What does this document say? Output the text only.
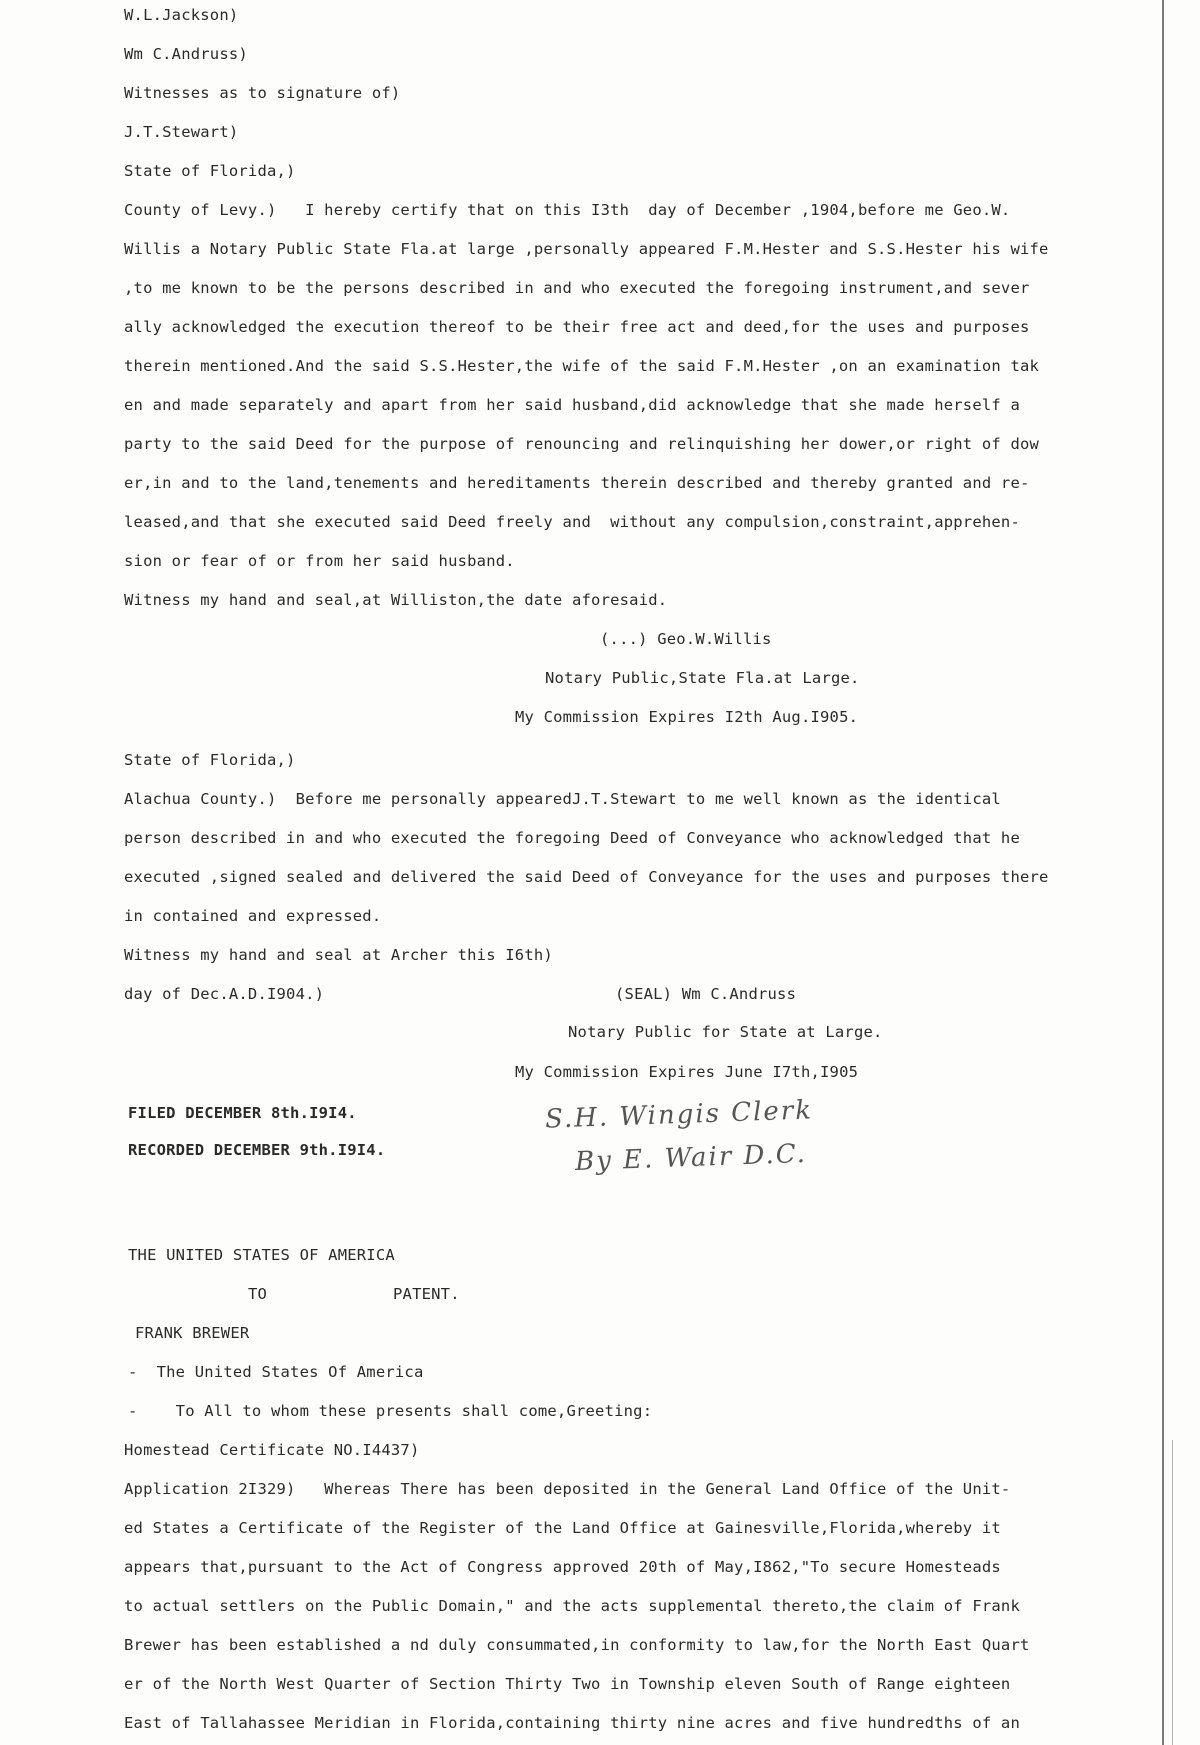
W.L.Jackson)
Wm C.Andruss)
Witnesses as to signature of)
J.T.Stewart)
State of Florida,)
County of Levy.)   I hereby certify that on this I3th  day of December ,1904,before me Geo.W.
Willis a Notary Public State Fla.at large ,personally appeared F.M.Hester and S.S.Hester his wife
,to me known to be the persons described in and who executed the foregoing instrument,and sever
ally acknowledged the execution thereof to be their free act and deed,for the uses and purposes
therein mentioned.And the said S.S.Hester,the wife of the said F.M.Hester ,on an examination tak
en and made separately and apart from her said husband,did acknowledge that she made herself a
party to the said Deed for the purpose of renouncing and relinquishing her dower,or right of dow
er,in and to the land,tenements and hereditaments therein described and thereby granted and re-
leased,and that she executed said Deed freely and  without any compulsion,constraint,apprehen-
sion or fear of or from her said husband.
Witness my hand and seal,at Williston,the date aforesaid.
(...) Geo.W.Willis
Notary Public,State Fla.at Large.
My Commission Expires I2th Aug.I905.
State of Florida,)
Alachua County.)  Before me personally appearedJ.T.Stewart to me well known as the identical
person described in and who executed the foregoing Deed of Conveyance who acknowledged that he
executed ,signed sealed and delivered the said Deed of Conveyance for the uses and purposes there
in contained and expressed.
Witness my hand and seal at Archer this I6th)
day of Dec.A.D.I904.)	(SEAL) Wm C.Andruss
Notary Public for State at Large.
My Commission Expires June I7th,I905
FILED DECEMBER 8th.I9I4.
RECORDED DECEMBER 9th.I9I4.
S.H. Wingis Clerk
By E. Wair D.C.
THE UNITED STATES OF AMERICA
TO	PATENT.
FRANK BREWER
-  The United States Of America
-    To All to whom these presents shall come,Greeting:
Homestead Certificate NO.I4437)
Application 2I329)   Whereas There has been deposited in the General Land Office of the Unit-
ed States a Certificate of the Register of the Land Office at Gainesville,Florida,whereby it
appears that,pursuant to the Act of Congress approved 20th of May,I862,"To secure Homesteads
to actual settlers on the Public Domain," and the acts supplemental thereto,the claim of Frank
Brewer has been established a nd duly consummated,in conformity to law,for the North East Quart
er of the North West Quarter of Section Thirty Two in Township eleven South of Range eighteen
East of Tallahassee Meridian in Florida,containing thirty nine acres and five hundredths of an
